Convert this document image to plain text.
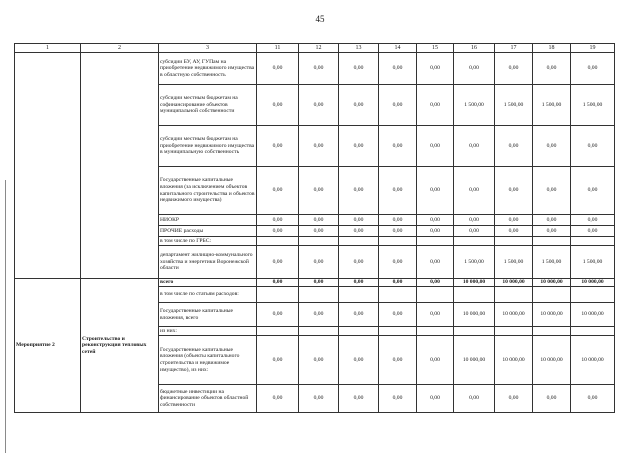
45
1	2	3	11	12	13	14	15	16	17	18	19
		субсидии БУ, АУ, ГУПам на приобретение недвижимого имущества в областную собственность	0,00	0,00	0,00	0,00	0,00	0,00	0,00	0,00	0,00
		субсидии местным бюджетам на софинансирование объектов муниципальной собственности	0,00	0,00	0,00	0,00	0,00	1 500,00	1 500,00	1 500,00	1 500,00
		субсидии местным бюджетам на приобретение недвижимого имущества в муниципальную собственность	0,00	0,00	0,00	0,00	0,00	0,00	0,00	0,00	0,00
		Государственные капитальные вложения (за исключением объектов капитального строительства и объектов недвижимого имущества)	0,00	0,00	0,00	0,00	0,00	0,00	0,00	0,00	0,00
		НИОКР	0,00	0,00	0,00	0,00	0,00	0,00	0,00	0,00	0,00
		ПРОЧИЕ расходы	0,00	0,00	0,00	0,00	0,00	0,00	0,00	0,00	0,00
		в том числе по ГРБС:									
		департамент жилищно-коммунального хозяйства и энергетики Воронежской области	0,00	0,00	0,00	0,00	0,00	1 500,00	1 500,00	1 500,00	1 500,00
Мероприятие 2	Строительство и реконструкция тепловых сетей	всего	0,00	0,00	0,00	0,00	0,00	10 000,00	10 000,00	10 000,00	10 000,00
		в том числе по статьям расходов:									
		Государственные капитальные вложения, всего	0,00	0,00	0,00	0,00	0,00	10 000,00	10 000,00	10 000,00	10 000,00
		из них:									
		Государственные капитальные вложения (объекты капитального строительства и недвижимое имущество), из них:	0,00	0,00	0,00	0,00	0,00	10 000,00	10 000,00	10 000,00	10 000,00
		бюджетные инвестиции на финансирование объектов областной собственности	0,00	0,00	0,00	0,00	0,00	0,00	0,00	0,00	0,00
